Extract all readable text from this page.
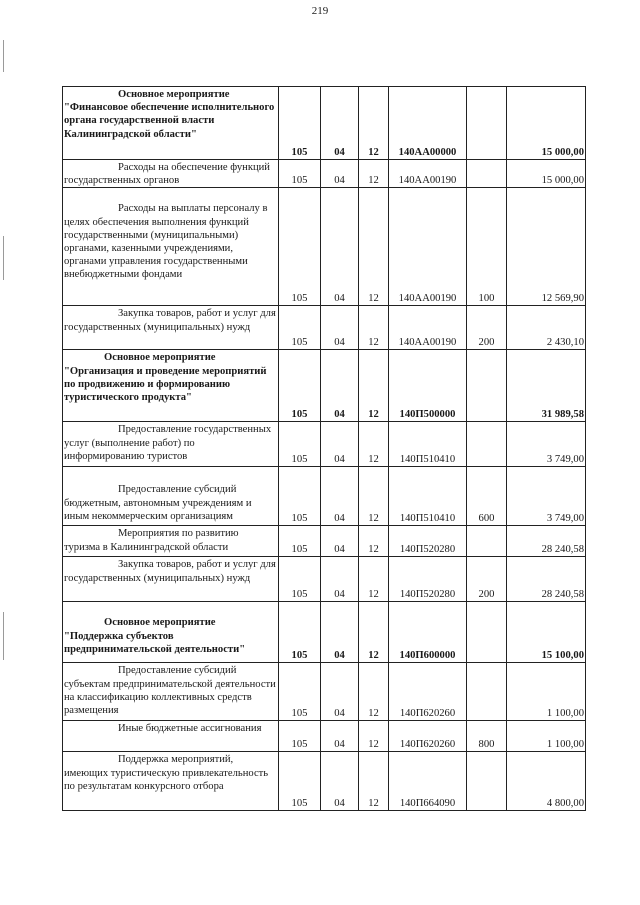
219
Основное мероприятие "Финансовое обеспечение исполнительного органа государственной власти Калининградской области"	105	04	12	140АА00000		15 000,00
Расходы на обеспечение функций государственных органов	105	04	12	140АА00190		15 000,00
Расходы на выплаты персоналу в целях обеспечения выполнения функций государственными (муниципальными) органами, казенными учреждениями, органами управления государственными внебюджетными фондами	105	04	12	140АА00190	100	12 569,90
Закупка товаров, работ и услуг для государственных (муниципальных) нужд	105	04	12	140АА00190	200	2 430,10
Основное мероприятие "Организация и проведение мероприятий по продвижению и формированию туристического продукта"	105	04	12	140П500000		31 989,58
Предоставление государственных услуг (выполнение работ) по информированию туристов	105	04	12	140П510410		3 749,00
Предоставление субсидий бюджетным, автономным учреждениям и иным некоммерческим организациям	105	04	12	140П510410	600	3 749,00
Мероприятия по развитию туризма в Калининградской области	105	04	12	140П520280		28 240,58
Закупка товаров, работ и услуг для государственных (муниципальных) нужд	105	04	12	140П520280	200	28 240,58
Основное мероприятие "Поддержка субъектов предпринимательской деятельности"	105	04	12	140П600000		15 100,00
Предоставление субсидий субъектам предпринимательской деятельности на классификацию коллективных средств размещения	105	04	12	140П620260		1 100,00
Иные бюджетные ассигнования	105	04	12	140П620260	800	1 100,00
Поддержка мероприятий, имеющих туристическую привлекательность по результатам конкурсного отбора	105	04	12	140П664090		4 800,00
